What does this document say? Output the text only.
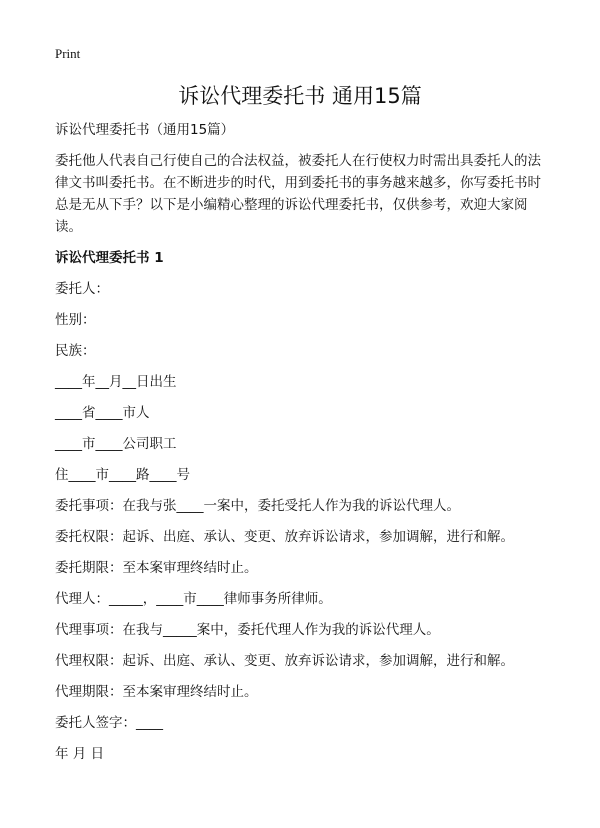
Print
诉讼代理委托书 通用15篇

诉讼代理委托书（通用15篇）

委托他人代表自己行使自己的合法权益，被委托人在行使权力时需出具委托人的法律文书叫委托书。在不断进步的时代，用到委托书的事务越来越多，你写委托书时总是无从下手？以下是小编精心整理的诉讼代理委托书，仅供参考，欢迎大家阅读。

诉讼代理委托书 1

委托人：

性别：

民族：

____年__月__日出生

____省____市人

____市____公司职工

住____市____路____号

委托事项：在我与张____一案中，委托受托人作为我的诉讼代理人。

委托权限：起诉、出庭、承认、变更、放弃诉讼请求，参加调解，进行和解。

委托期限：至本案审理终结时止。

代理人：_____，____市____律师事务所律师。

代理事项：在我与_____案中，委托代理人作为我的诉讼代理人。

代理权限：起诉、出庭、承认、变更、放弃诉讼请求，参加调解，进行和解。

代理期限：至本案审理终结时止。

委托人签字：____

年 月 日
